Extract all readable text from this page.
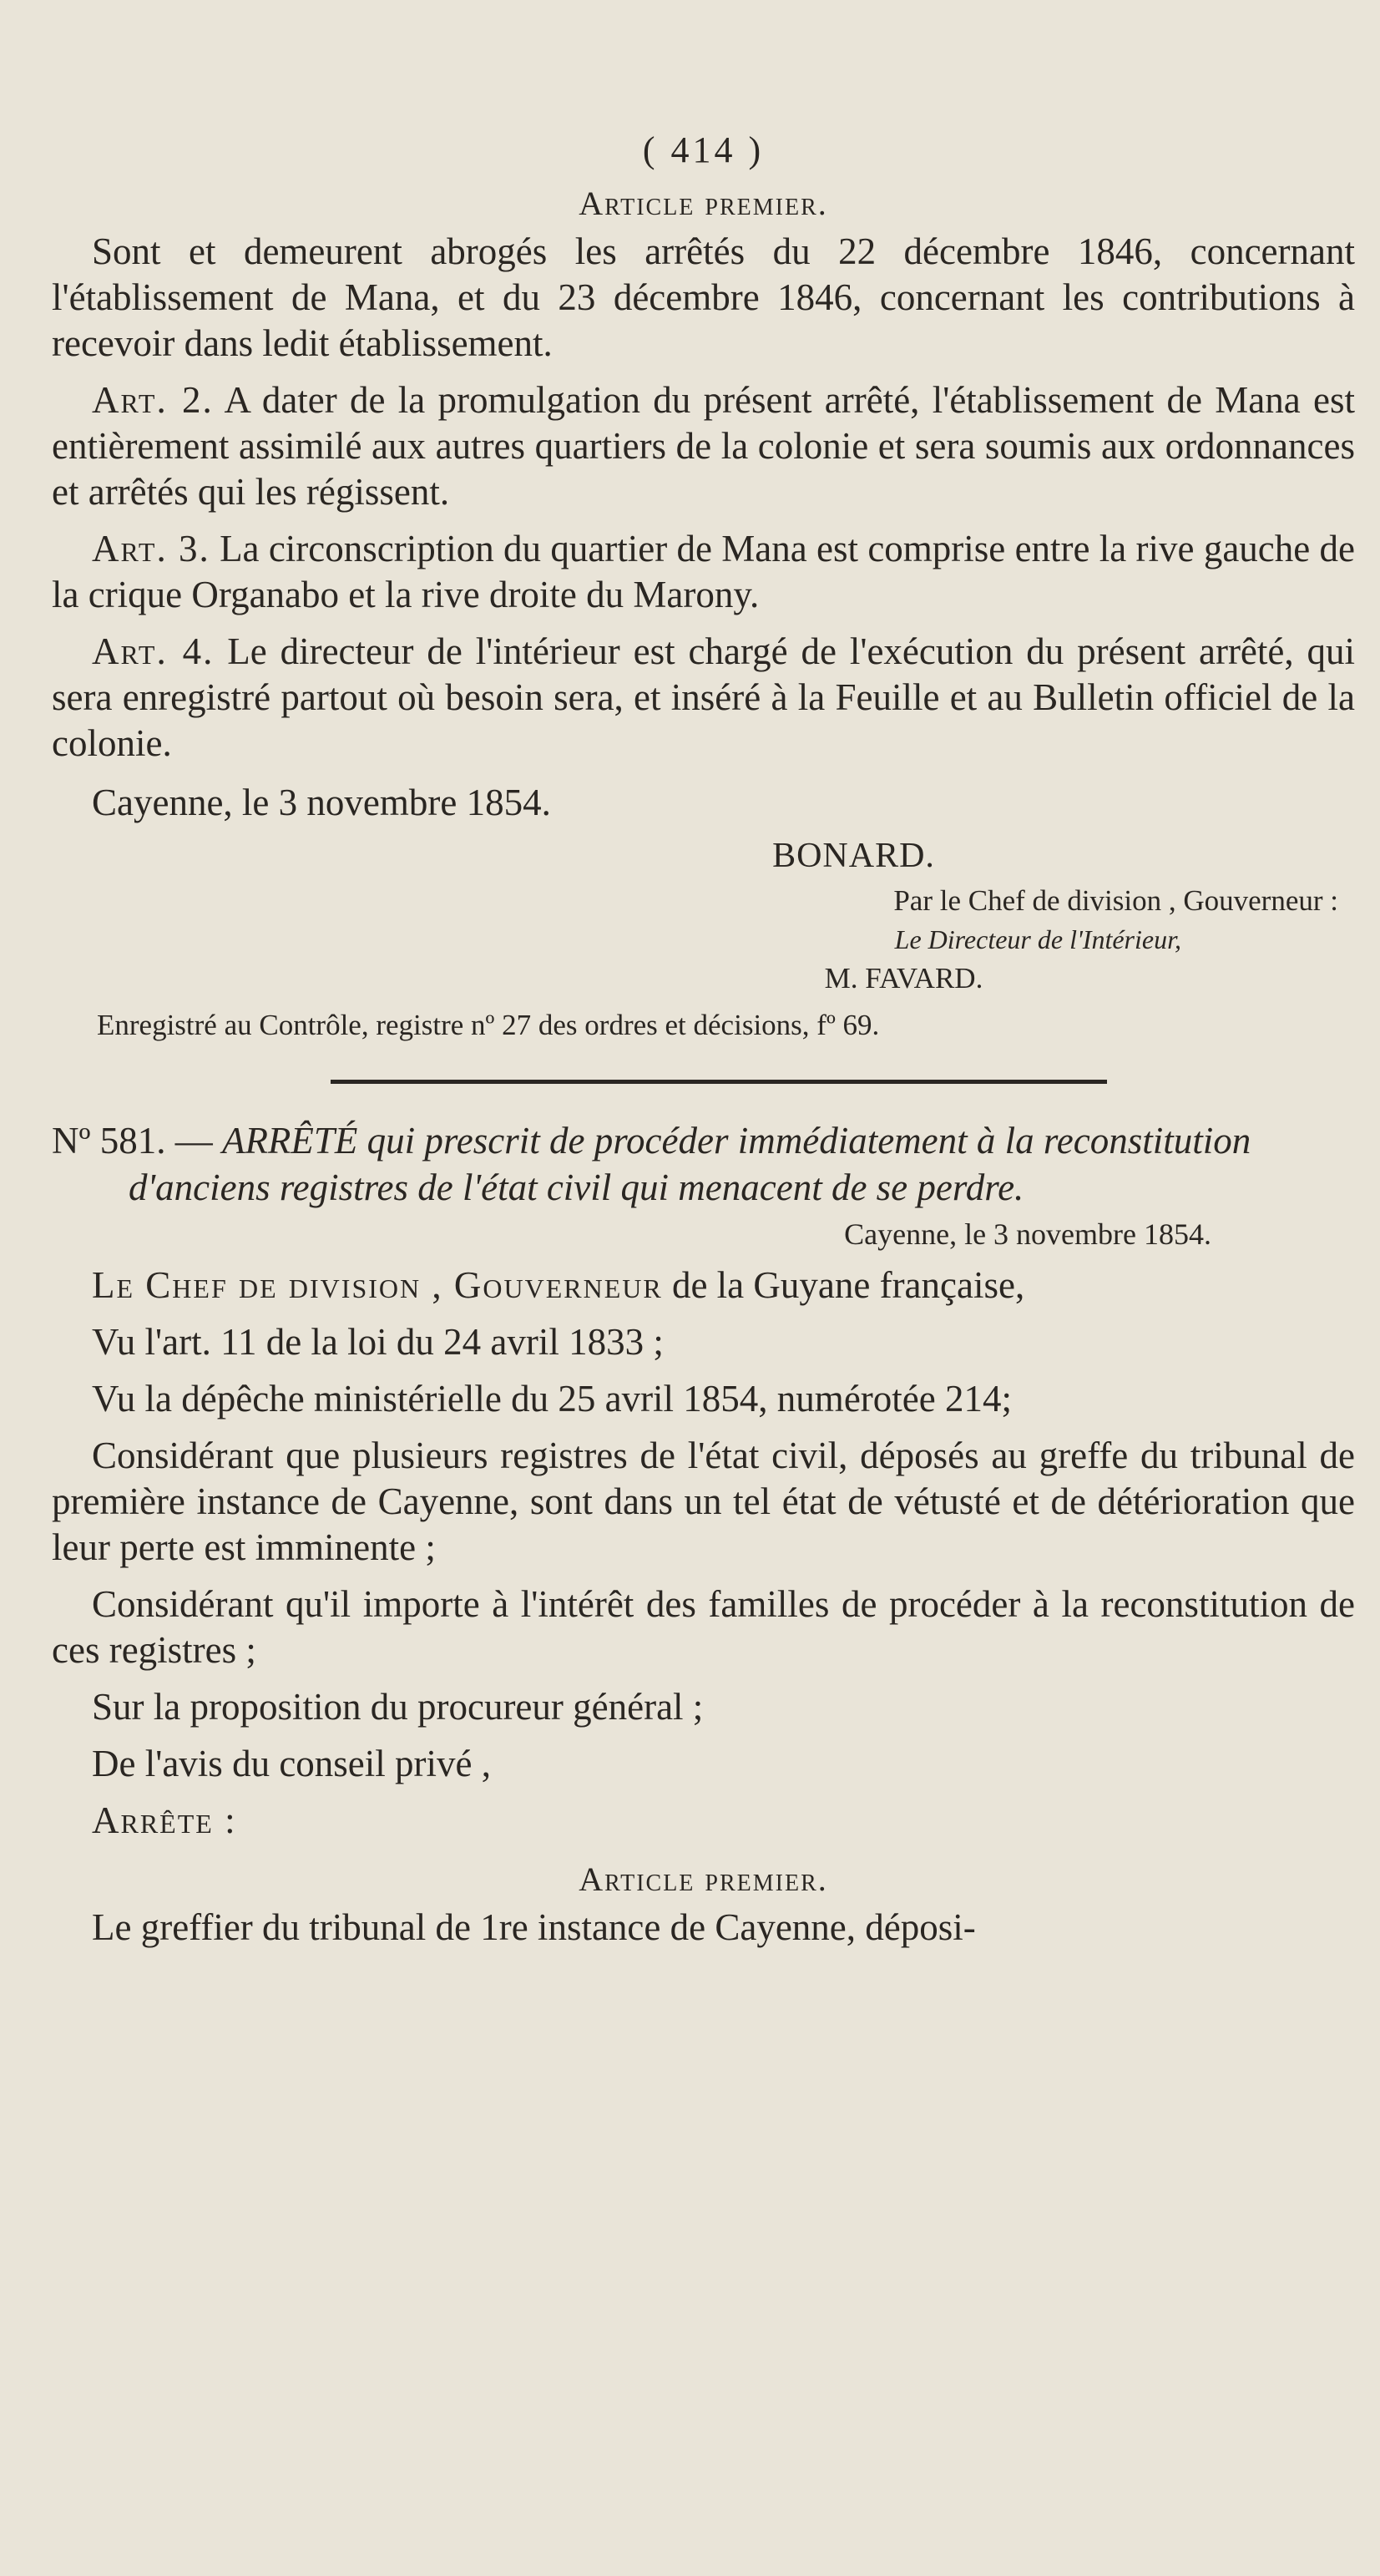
( 414 )
Article premier.

Sont et demeurent abrogés les arrêtés du 22 décembre 1846, concernant l'établissement de Mana, et du 23 décembre 1846, concernant les contributions à recevoir dans ledit établissement.

Art. 2. A dater de la promulgation du présent arrêté, l'établissement de Mana est entièrement assimilé aux autres quartiers de la colonie et sera soumis aux ordonnances et arrêtés qui les régissent.

Art. 3. La circonscription du quartier de Mana est comprise entre la rive gauche de la crique Organabo et la rive droite du Marony.

Art. 4. Le directeur de l'intérieur est chargé de l'exécution du présent arrêté, qui sera enregistré partout où besoin sera, et inséré à la Feuille et au Bulletin officiel de la colonie.

Cayenne, le 3 novembre 1854.
BONARD.
Par le Chef de division , Gouverneur :
Le Directeur de l'Intérieur,
M. FAVARD.
Enregistré au Contrôle, registre nº 27 des ordres et décisions, fº 69.

Nº 581. — ARRÊTÉ qui prescrit de procéder immédiatement à la reconstitution d'anciens registres de l'état civil qui menacent de se perdre.

Cayenne, le 3 novembre 1854.

Le Chef de division , Gouverneur de la Guyane française,

Vu l'art. 11 de la loi du 24 avril 1833 ;

Vu la dépêche ministérielle du 25 avril 1854, numérotée 214;

Considérant que plusieurs registres de l'état civil, déposés au greffe du tribunal de première instance de Cayenne, sont dans un tel état de vétusté et de détérioration que leur perte est imminente ;

Considérant qu'il importe à l'intérêt des familles de procéder à la reconstitution de ces registres ;

Sur la proposition du procureur général ;

De l'avis du conseil privé ,

Arrête :

Article premier.

Le greffier du tribunal de 1re instance de Cayenne, déposi-
